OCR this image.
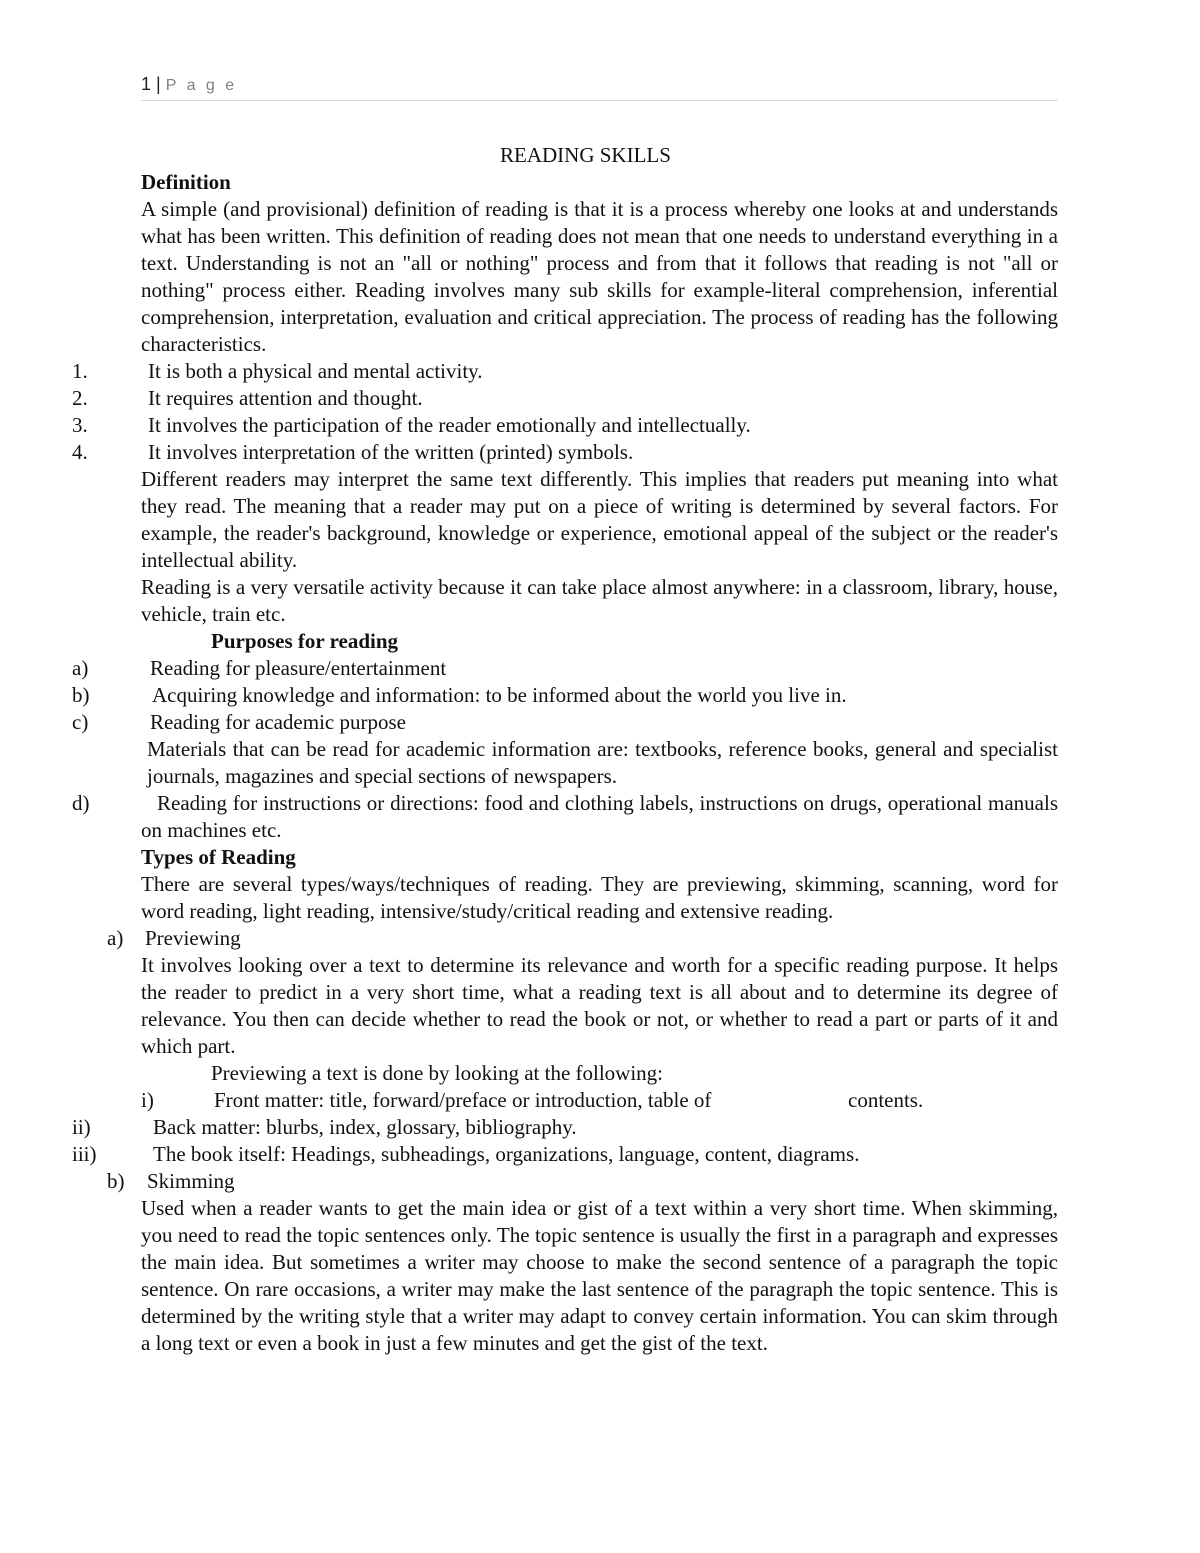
1 | P a g e
READING SKILLS
Definition
A simple (and provisional) definition of reading is that it is a process whereby one looks at and understands what has been written. This definition of reading does not mean that one needs to understand everything in a text. Understanding is not an "all or nothing" process and from that it follows that reading is not "all or nothing" process either. Reading involves many sub skills for example-literal comprehension, inferential comprehension, interpretation, evaluation and critical appreciation. The process of reading has the following characteristics.
1.	It is both a physical and mental activity.
2.	It requires attention and thought.
3.	It involves the participation of the reader emotionally and intellectually.
4.	It involves interpretation of the written (printed) symbols.
Different readers may interpret the same text differently. This implies that readers put meaning into what they read. The meaning that a reader may put on a piece of writing is determined by several factors. For example, the reader's background, knowledge or experience, emotional appeal of the subject or the reader's intellectual ability.
Reading is a very versatile activity because it can take place almost anywhere: in a classroom, library, house, vehicle, train etc.
Purposes for reading
a)	Reading for pleasure/entertainment
b)	Acquiring knowledge and information: to be informed about the world you live in.
c)	Reading for academic purpose
Materials that can be read for academic information are: textbooks, reference books, general and specialist journals, magazines and special sections of newspapers.
d)	Reading for instructions or directions: food and clothing labels, instructions on drugs, operational manuals on machines etc.
Types of Reading
There are several types/ways/techniques of reading. They are previewing, skimming, scanning, word for word reading, light reading, intensive/study/critical reading and extensive reading.
a) Previewing
It involves looking over a text to determine its relevance and worth for a specific reading purpose. It helps the reader to predict in a very short time, what a reading text is all about and to determine its degree of relevance. You then can decide whether to read the book or not, or whether to read a part or parts of it and which part.
Previewing a text is done by looking at the following:
i)	Front matter: title, forward/preface or introduction, table of	contents.
ii)	Back matter: blurbs, index, glossary, bibliography.
iii)	The book itself: Headings, subheadings, organizations, language, content, diagrams.
b) Skimming
Used when a reader wants to get the main idea or gist of a text within a very short time. When skimming, you need to read the topic sentences only. The topic sentence is usually the first in a paragraph and expresses the main idea. But sometimes a writer may choose to make the second sentence of a paragraph the topic sentence. On rare occasions, a writer may make the last sentence of the paragraph the topic sentence. This is determined by the writing style that a writer may adapt to convey certain information. You can skim through a long text or even a book in just a few minutes and get the gist of the text.
